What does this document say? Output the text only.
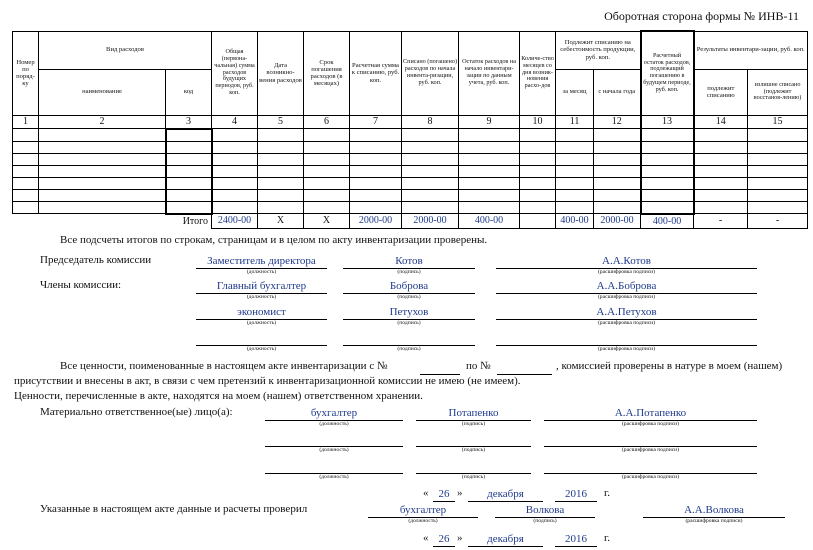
Оборотная сторона формы № ИНВ-11
Номер по поряд-ку	Вид расходов		Общая (первона-чальная) сумма расходов будущих периодов, руб. коп.	Дата возникно-вения расходов	Срок погашения расходов (в месяцах)	Расчетная сумма к списанию, руб. коп.	Списано (погашено) расходов по начала инвента-ризации, руб. коп.	Остаток расходов на начало инвентари-зации по данным учета, руб. коп.	Количе-ство месяцев со дня возник-новения расхо-дов	Подлежит списанию на себестоимость продукции, руб. коп.		Расчетный остаток расходов, подлежащий погашению в будущем периоде, руб. коп.	Результаты инвентари-зации, руб. коп.	
	наименование	код								за месяц	с начала года		подлежит списанию	излишне списано (подлежит восстанов-лению)
1	2	3	4	5	6	7	8	9	10	11	12	13	14	15

		Итого	2400-00	X	X	2000-00	2000-00	400-00		400-00	2000-00	400-00	-	-
Все подсчеты итогов по строкам, страницам и в целом по акту инвентаризации проверены.
Председатель комиссии	Заместитель директора	Котов	А.А.Котов
(должность)	(подпись)	(расшифровка подписи)
Члены комиссии:	Главный бухгалтер	Боброва	А.А.Боброва
(должность)	(подпись)	(расшифровка подписи)
экономист	Петухов	А.А.Петухов
(должность)	(подпись)	(расшифровка подписи)
(должность)	(подпись)	(расшифровка подписи)
Все ценности, поименованные в настоящем акте инвентаризации с №	по №	, комиссией проверены в натуре в моем (нашем)
присутствии и внесены в акт, в связи с чем претензий к инвентаризационной комиссии не имею (не имеем).
Ценности, перечисленные в акте, находятся на моем (нашем) ответственном хранении.
Материально ответственное(ые) лицо(а):	бухгалтер	Потапенко	А.А.Потапенко
(должность)	(подпись)	(расшифровка подписи)
(должность)	(подпись)	(расшифровка подписи)
(должность)	(подпись)	(расшифровка подписи)
« 26 »	декабря	2016	г.
Указанные в настоящем акте данные и расчеты проверил	бухгалтер	Волкова	А.А.Волкова
(должность)	(подпись)	(расшифровка подписи)
« 26 »	декабря	2016	г.
